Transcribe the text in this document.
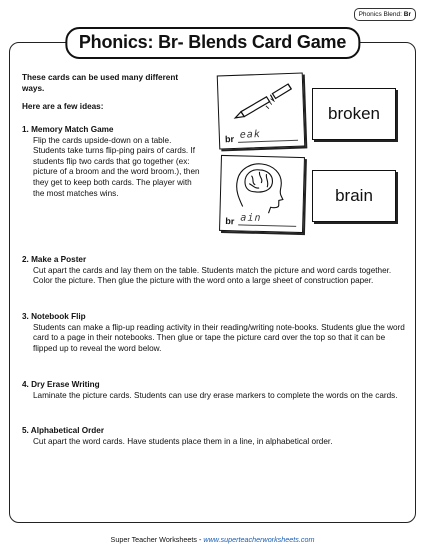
Phonics Blend: Br
Phonics: Br- Blends Card Game
These cards can be used many different ways.
Here are a few ideas:
1. Memory Match Game
Flip the cards upside-down on a table. Students take turns flip-ping pairs of cards. If students flip two cards that go together (ex: picture of a broom and the word broom.), then they get to keep both cards. The player with the most matches wins.
br eak
broken
br ain
brain
2. Make a Poster
Cut apart the cards and lay them on the table. Students match the picture and word cards together. Color the picture. Then glue the picture with the word onto a large sheet of construction paper.
3. Notebook Flip
Students can make a flip-up reading activity in their reading/writing note-books. Students glue the word card to a page in their notebooks. Then glue or tape the picture card over the top so that it can be flipped up to reveal the word below.
4. Dry Erase Writing
Laminate the picture cards. Students can use dry erase markers to complete the words on the cards.
5. Alphabetical Order
Cut apart the word cards. Have students place them in a line, in alphabetical order.
Super Teacher Worksheets - www.superteacherworksheets.com
